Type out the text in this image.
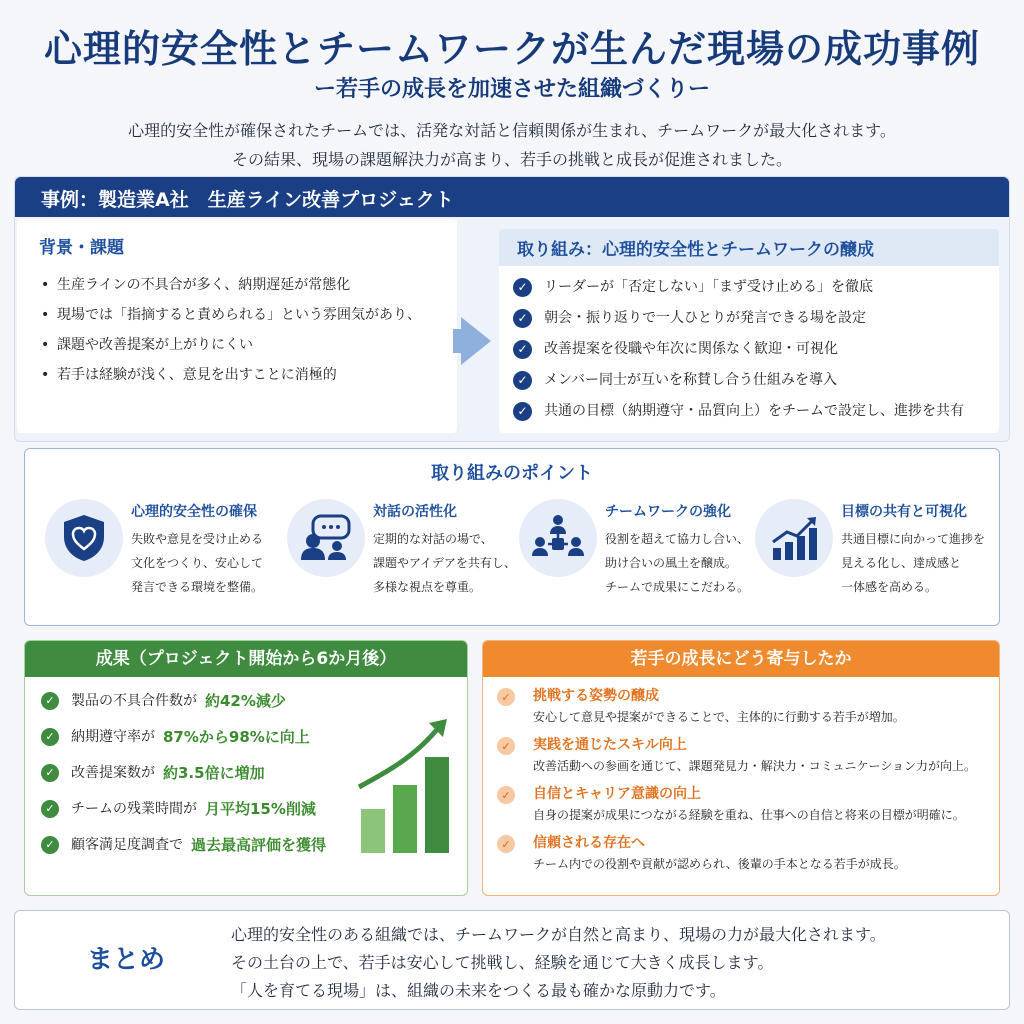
心理的安全性とチームワークが生んだ現場の成功事例
ー若手の成長を加速させた組織づくりー
心理的安全性が確保されたチームでは、活発な対話と信頼関係が生まれ、チームワークが最大化されます。
その結果、現場の課題解決力が高まり、若手の挑戦と成長が促進されました。
事例：製造業A社　生産ライン改善プロジェクト
背景・課題
• 生産ラインの不具合が多く、納期遅延が常態化
• 現場では「指摘すると責められる」という雰囲気があり、
• 課題や改善提案が上がりにくい
• 若手は経験が浅く、意見を出すことに消極的
取り組み：心理的安全性とチームワークの醸成
✓	リーダーが「否定しない」「まず受け止める」を徹底
✓	朝会・振り返りで一人ひとりが発言できる場を設定
✓	改善提案を役職や年次に関係なく歓迎・可視化
✓	メンバー同士が互いを称賛し合う仕組みを導入
✓	共通の目標（納期遵守・品質向上）をチームで設定し、進捗を共有
取り組みのポイント
心理的安全性の確保
失敗や意見を受け止める
文化をつくり、安心して
発言できる環境を整備。
対話の活性化
定期的な対話の場で、
課題やアイデアを共有し、
多様な視点を尊重。
チームワークの強化
役割を超えて協力し合い、
助け合いの風土を醸成。
チームで成果にこだわる。
目標の共有と可視化
共通目標に向かって進捗を
見える化し、達成感と
一体感を高める。
成果（プロジェクト開始から6か月後）
✓	製品の不具合件数が 約42%減少
✓	納期遵守率が 87%から98%に向上
✓	改善提案数が 約3.5倍に増加
✓	チームの残業時間が 月平均15%削減
✓	顧客満足度調査で 過去最高評価を獲得
若手の成長にどう寄与したか
✓	挑戦する姿勢の醸成
安心して意見や提案ができることで、主体的に行動する若手が増加。
✓	実践を通じたスキル向上
改善活動への参画を通じて、課題発見力・解決力・コミュニケーション力が向上。
✓	自信とキャリア意識の向上
自身の提案が成果につながる経験を重ね、仕事への自信と将来の目標が明確に。
✓	信頼される存在へ
チーム内での役割や貢献が認められ、後輩の手本となる若手が成長。
まとめ
心理的安全性のある組織では、チームワークが自然と高まり、現場の力が最大化されます。
その土台の上で、若手は安心して挑戦し、経験を通じて大きく成長します。
「人を育てる現場」は、組織の未来をつくる最も確かな原動力です。
